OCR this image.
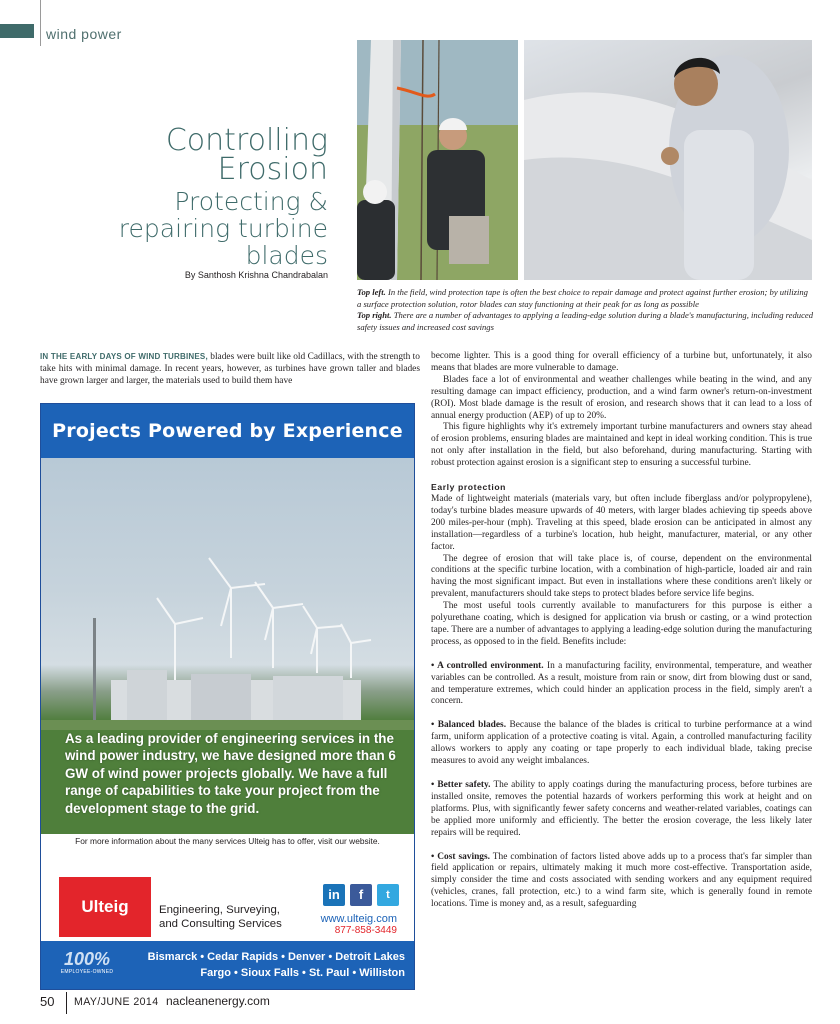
wind power
Controlling
Erosion
Protecting &
repairing turbine
blades
By Santhosh Krishna Chandrabalan
Top left. In the field, wind protection tape is often the best choice to repair damage and protect against further erosion; by utilizing a surface protection solution, rotor blades can stay functioning at their peak for as long as possible
Top right. There are a number of advantages to applying a leading-edge solution during a blade's manufacturing, including reduced safety issues and increased cost savings
IN THE EARLY DAYS OF WIND TURBINES, blades were built like old Cadillacs, with the strength to take hits with minimal damage. In recent years, however, as turbines have grown taller and blades have grown larger and larger, the materials used to build them have

become lighter. This is a good thing for overall efficiency of a turbine but, unfortunately, it also means that blades are more vulnerable to damage.

Blades face a lot of environmental and weather challenges while beating in the wind, and any resulting damage can impact efficiency, production, and a wind farm owner's return-on-investment (ROI). Most blade damage is the result of erosion, and research shows that it can lead to a loss of annual energy production (AEP) of up to 20%.

This figure highlights why it's extremely important turbine manufacturers and owners stay ahead of erosion problems, ensuring blades are maintained and kept in ideal working condition. This is true not only after installation in the field, but also beforehand, during manufacturing. Starting with robust protection against erosion is a significant step to ensuring a successful turbine.

Early protection

Made of lightweight materials (materials vary, but often include fiberglass and/or polypropylene), today's turbine blades measure upwards of 40 meters, with larger blades achieving tip speeds above 200 miles-per-hour (mph). Traveling at this speed, blade erosion can be anticipated in almost any installation—regardless of a turbine's location, hub height, manufacturer, material, or any other factor.

The degree of erosion that will take place is, of course, dependent on the environmental conditions at the specific turbine location, with a combination of high-particle, loaded air and rain having the most significant impact. But even in installations where these conditions aren't likely or prevalent, manufacturers should take steps to protect blades before service life begins.

The most useful tools currently available to manufacturers for this purpose is either a polyurethane coating, which is designed for application via brush or casting, or a wind protection tape. There are a number of advantages to applying a leading-edge solution during the manufacturing process, as opposed to in the field. Benefits include:

• A controlled environment. In a manufacturing facility, environmental, temperature, and weather variables can be controlled. As a result, moisture from rain or snow, dirt from blowing dust or sand, and temperature extremes, which could hinder an application process in the field, simply aren't a concern.

• Balanced blades. Because the balance of the blades is critical to turbine performance at a wind farm, uniform application of a protective coating is vital. Again, a controlled manufacturing facility allows workers to apply any coating or tape properly to each individual blade, taking precise measures to avoid any weight imbalances.

• Better safety. The ability to apply coatings during the manufacturing process, before turbines are installed onsite, removes the potential hazards of workers performing this work at height and on platforms. Plus, with significantly fewer safety concerns and weather-related variables, coatings can be applied more uniformly and efficiently. The better the erosion coverage, the less likely later repairs will be required.

• Cost savings. The combination of factors listed above adds up to a process that's far simpler than field application or repairs, ultimately making it much more cost-effective. Transportation aside, simply consider the time and costs associated with sending workers and any equipment required (vehicles, cranes, fall protection, etc.) to a wind farm site, which is generally found in remote locations. Time is money and, as a result, safeguarding

Projects Powered by Experience
As a leading provider of engineering services in the wind power industry, we have designed more than 6 GW of wind power projects globally. We have a full range of capabilities to take your project from the development stage to the grid.
For more information about the many services Ulteig has to offer, visit our website.
Ulteig	Engineering, Surveying,
and Consulting Services
in	f	t
www.ulteig.com
877-858-3449
100%
EMPLOYEE-OWNED
Bismarck • Cedar Rapids • Denver • Detroit Lakes
Fargo • Sioux Falls • St. Paul • Williston
50 MAY/JUNE 2014 nacleanenergy.com
